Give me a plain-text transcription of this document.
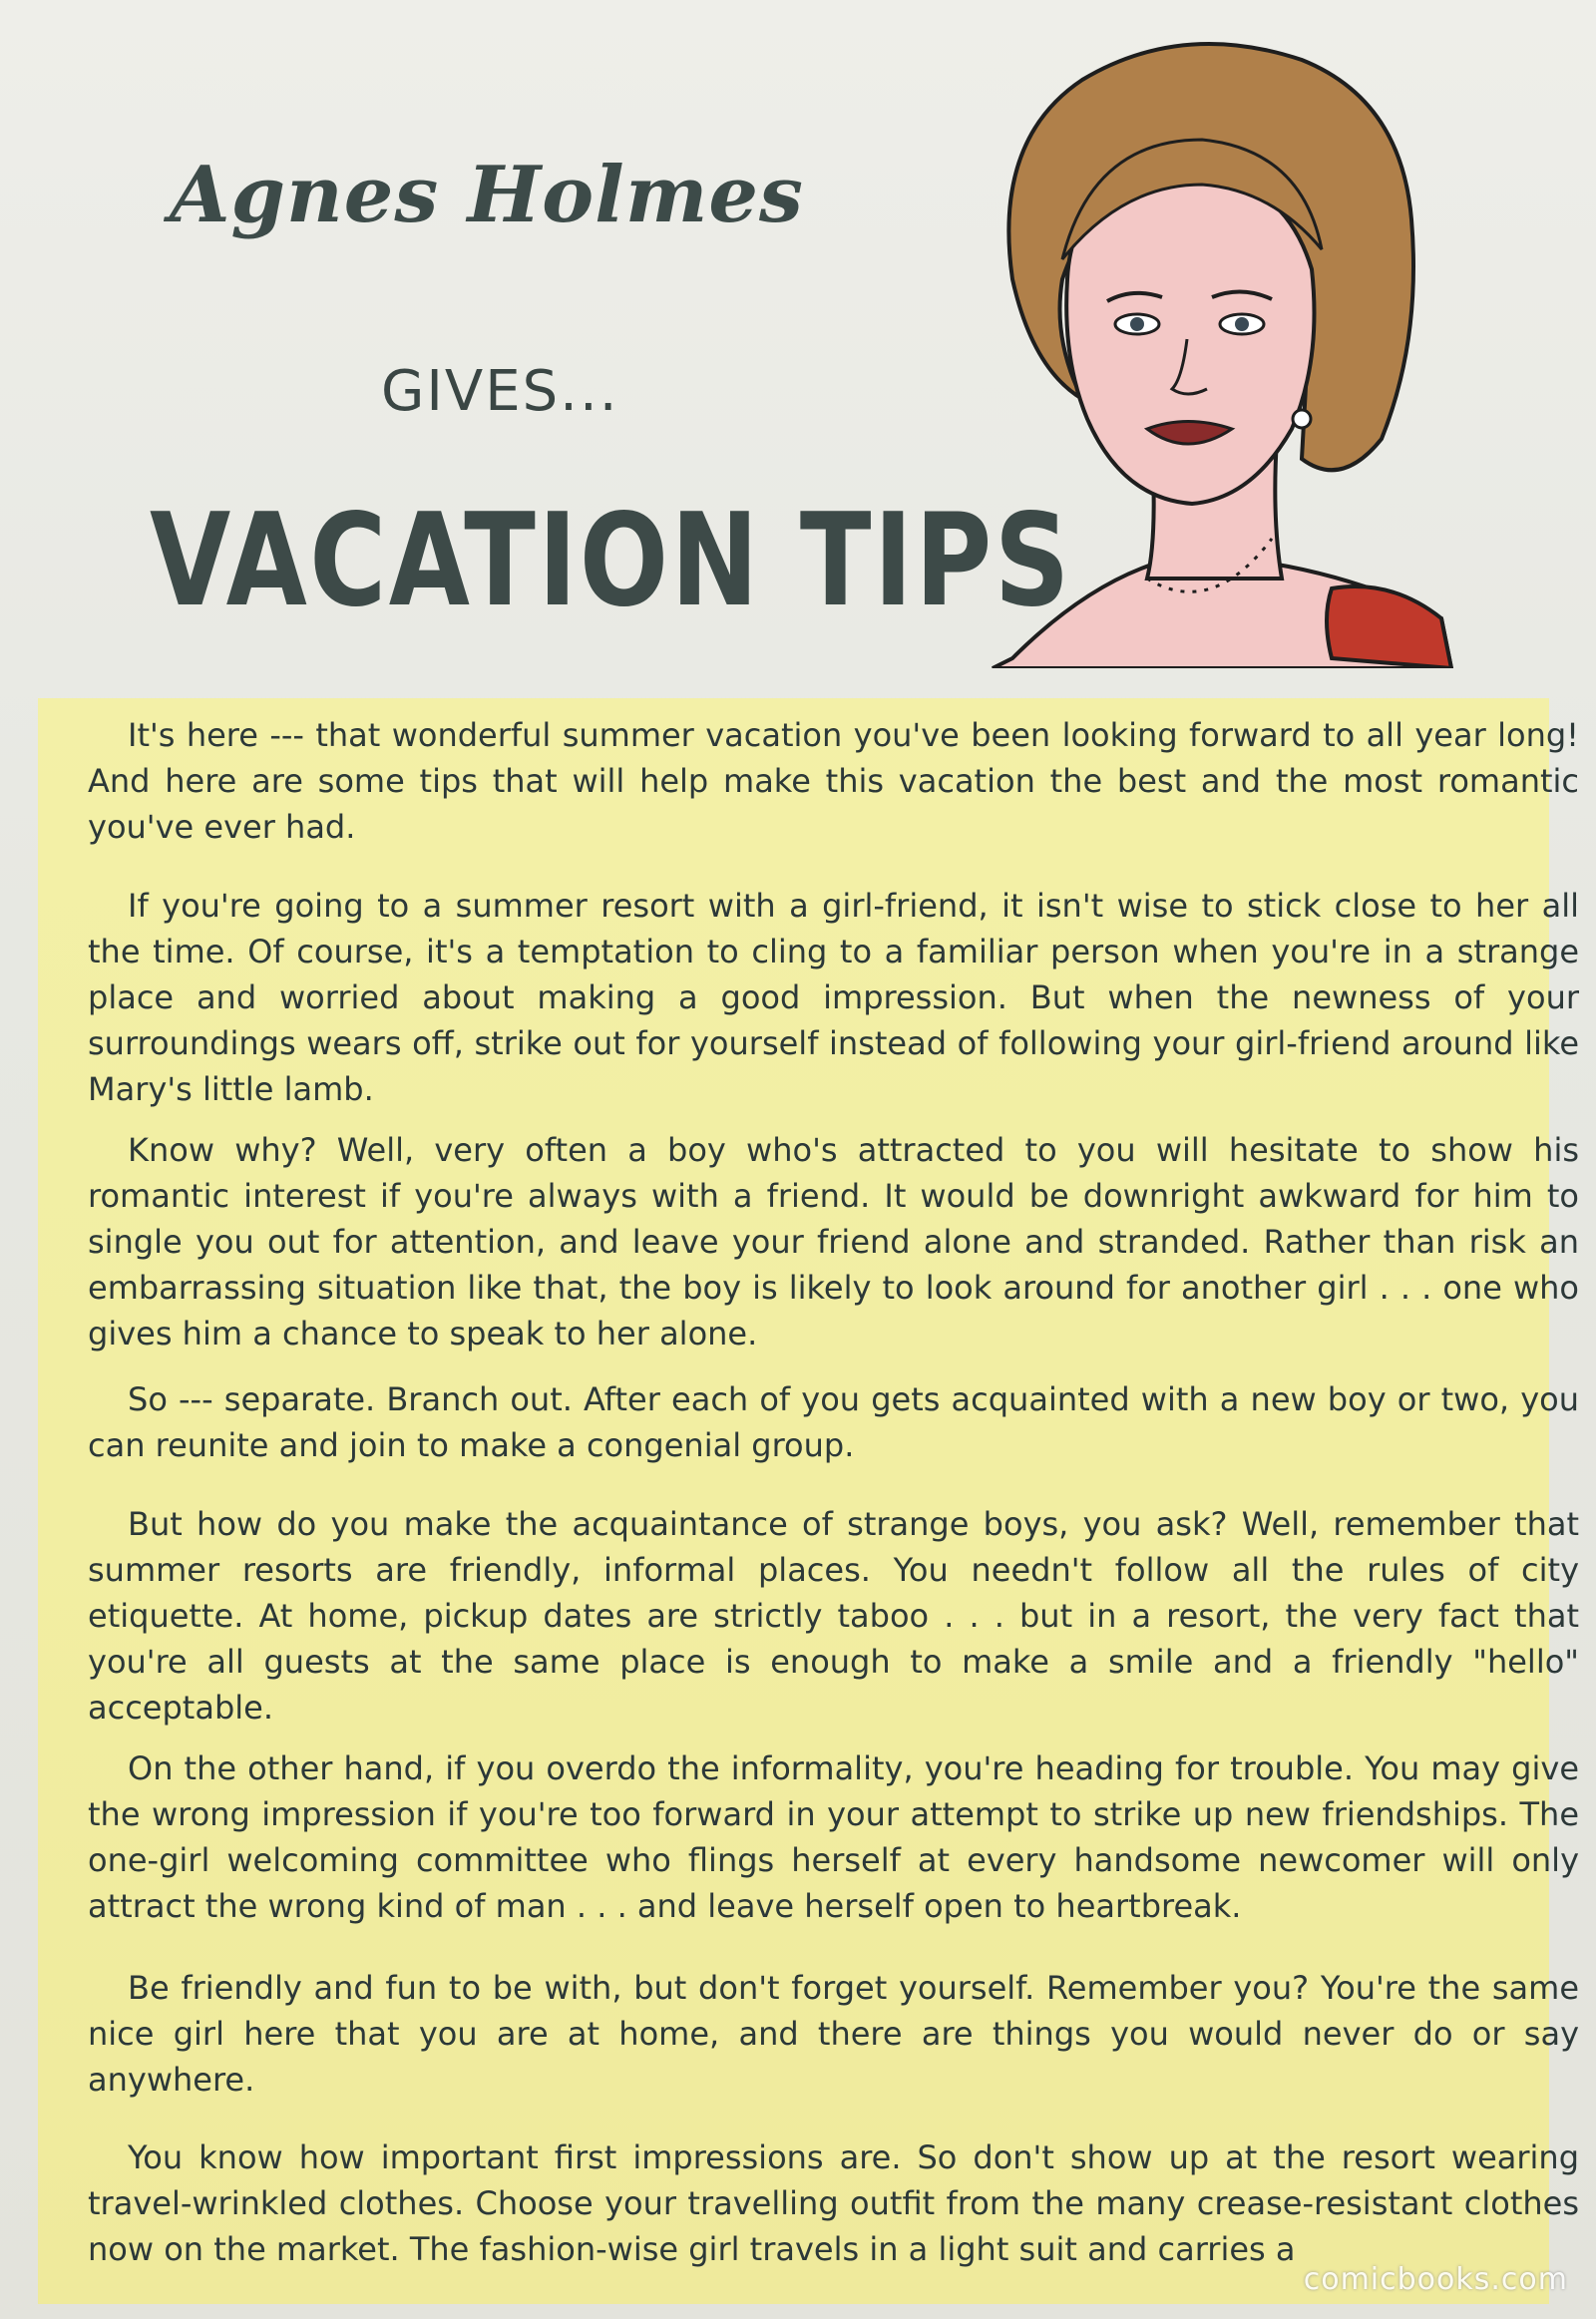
Agnes Holmes
GIVES...
VACATION TIPS

It's here --- that wonderful summer vacation you've been looking forward to all year long! And here are some tips that will help make this vacation the best and the most romantic you've ever had.

If you're going to a summer resort with a girl-friend, it isn't wise to stick close to her all the time. Of course, it's a temptation to cling to a familiar person when you're in a strange place and worried about making a good impression. But when the newness of your surroundings wears off, strike out for yourself instead of following your girl-friend around like Mary's little lamb.

Know why? Well, very often a boy who's attracted to you will hesitate to show his romantic interest if you're always with a friend. It would be downright awkward for him to single you out for attention, and leave your friend alone and stranded. Rather than risk an embarrassing situation like that, the boy is likely to look around for another girl . . . one who gives him a chance to speak to her alone.

So --- separate. Branch out. After each of you gets acquainted with a new boy or two, you can reunite and join to make a congenial group.

But how do you make the acquaintance of strange boys, you ask? Well, remember that summer resorts are friendly, informal places. You needn't follow all the rules of city etiquette. At home, pickup dates are strictly taboo . . . but in a resort, the very fact that you're all guests at the same place is enough to make a smile and a friendly "hello" acceptable.

On the other hand, if you overdo the informality, you're heading for trouble. You may give the wrong impression if you're too forward in your attempt to strike up new friendships. The one-girl welcoming committee who flings herself at every handsome newcomer will only attract the wrong kind of man . . . and leave herself open to heartbreak.

Be friendly and fun to be with, but don't forget yourself. Remember you? You're the same nice girl here that you are at home, and there are things you would never do or say anywhere.

You know how important first impressions are. So don't show up at the resort wearing travel-wrinkled clothes. Choose your travelling outfit from the many crease-resistant clothes now on the market. The fashion-wise girl travels in a light suit and carries a

comicbooks.com
